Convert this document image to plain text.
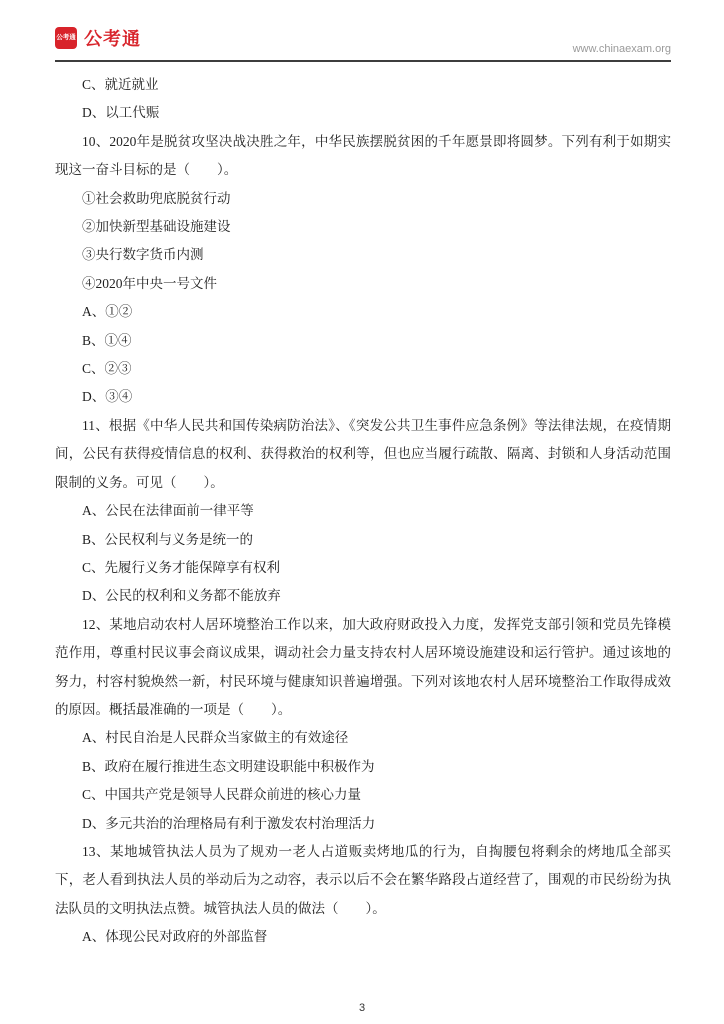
公考通 公考通	www.chinaexam.org

C、就近就业

D、以工代赈

10、2020年是脱贫攻坚决战决胜之年，中华民族摆脱贫困的千年愿景即将圆梦。下列有利于如期实现这一奋斗目标的是（　　）。

①社会救助兜底脱贫行动

②加快新型基础设施建设

③央行数字货币内测

④2020年中央一号文件

A、①②

B、①④

C、②③

D、③④

11、根据《中华人民共和国传染病防治法》、《突发公共卫生事件应急条例》等法律法规，在疫情期间，公民有获得疫情信息的权利、获得救治的权利等，但也应当履行疏散、隔离、封锁和人身活动范围限制的义务。可见（　　）。

A、公民在法律面前一律平等

B、公民权利与义务是统一的

C、先履行义务才能保障享有权利

D、公民的权利和义务都不能放弃

12、某地启动农村人居环境整治工作以来，加大政府财政投入力度，发挥党支部引领和党员先锋模范作用，尊重村民议事会商议成果，调动社会力量支持农村人居环境设施建设和运行管护。通过该地的努力，村容村貌焕然一新，村民环境与健康知识普遍增强。下列对该地农村人居环境整治工作取得成效的原因。概括最准确的一项是（　　）。

A、村民自治是人民群众当家做主的有效途径

B、政府在履行推进生态文明建设职能中积极作为

C、中国共产党是领导人民群众前进的核心力量

D、多元共治的治理格局有利于激发农村治理活力

13、某地城管执法人员为了规劝一老人占道贩卖烤地瓜的行为，自掏腰包将剩余的烤地瓜全部买下，老人看到执法人员的举动后为之动容，表示以后不会在繁华路段占道经营了，围观的市民纷纷为执法队员的文明执法点赞。城管执法人员的做法（　　）。

A、体现公民对政府的外部监督

3
